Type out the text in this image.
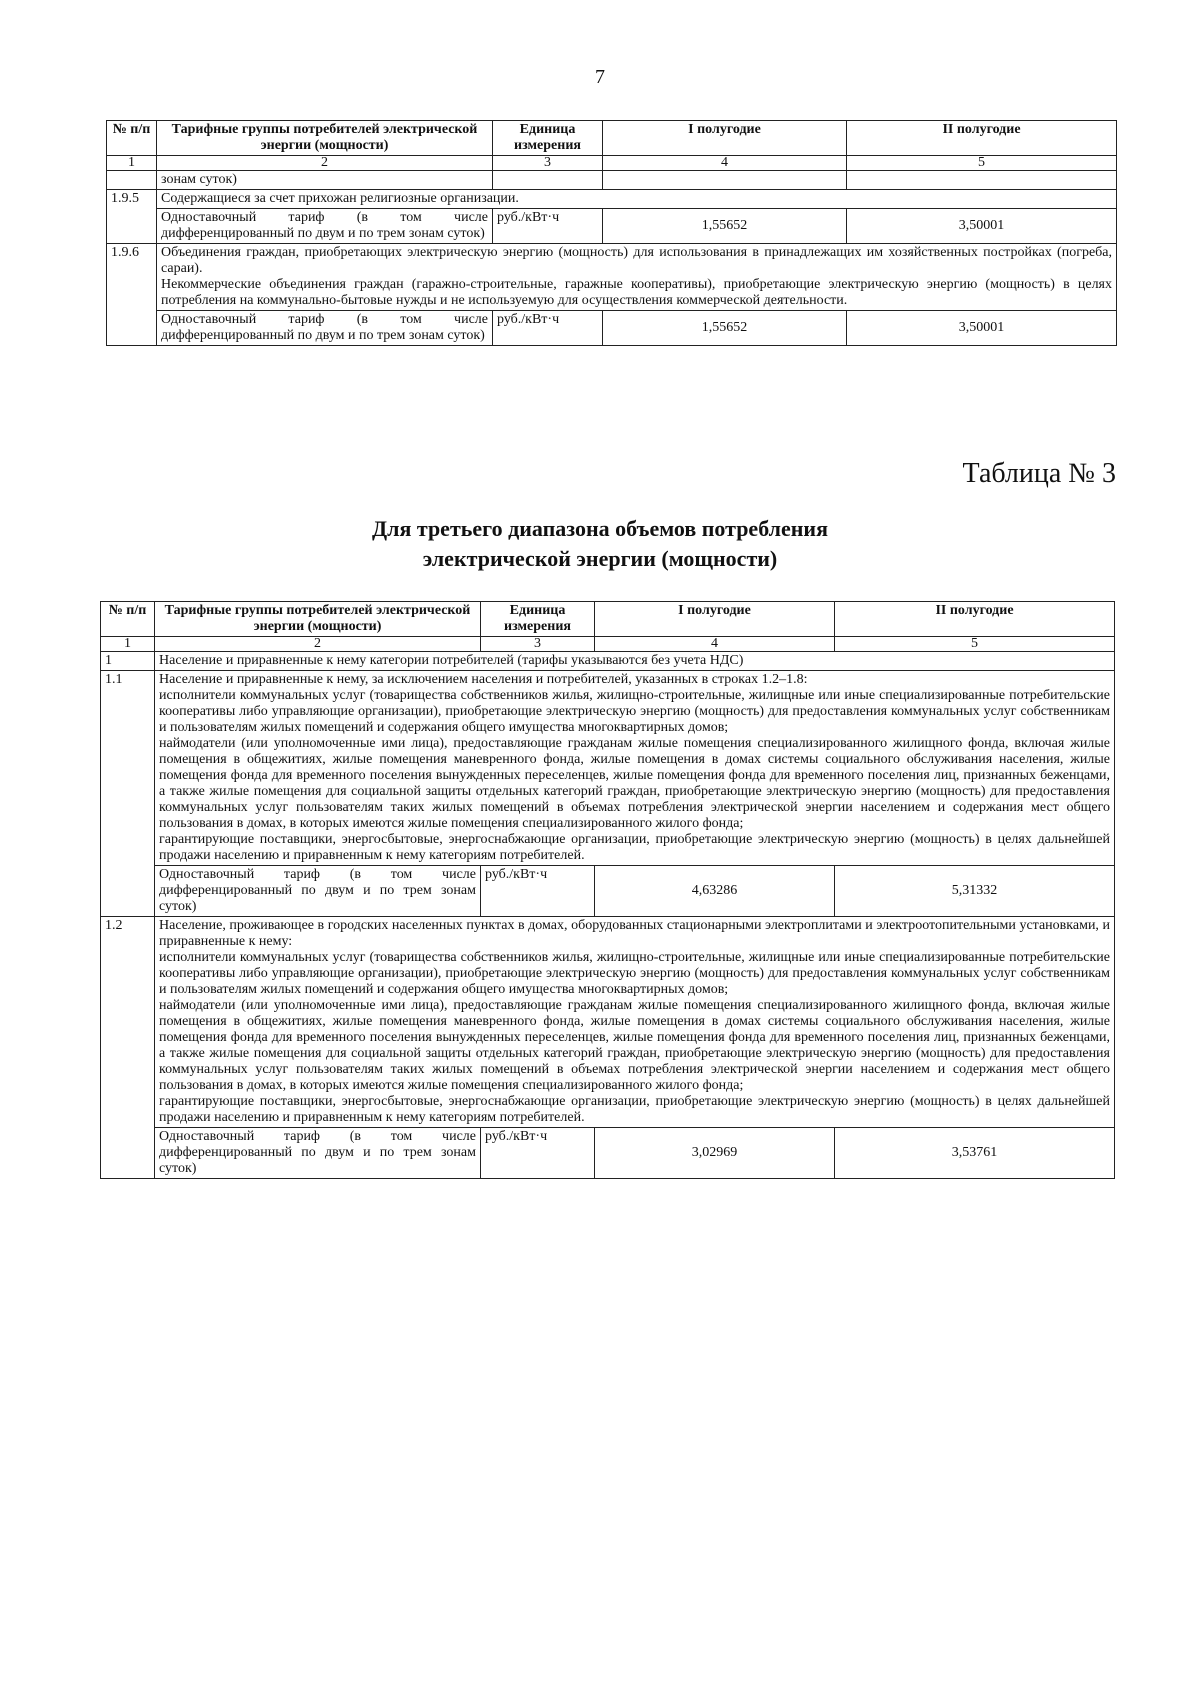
7
№ п/п	Тарифные группы потребителей электрической энергии (мощности)	Единица измерения	I полугодие	II полугодие
1	2	3	4	5
	зонам суток)			
1.9.5	Содержащиеся за счет прихожан религиозные организации.			
	Одноставочный тариф (в том числе дифференцированный по двум и по трем зонам суток)	руб./кВт·ч	1,55652	3,50001
1.9.6	Объединения граждан, приобретающих электрическую энергию (мощность) для использования в принадлежащих им хозяйственных постройках (погреба, сараи).
Некоммерческие объединения граждан (гаражно-строительные, гаражные кооперативы), приобретающие электрическую энергию (мощность) в целях потребления на коммунально-бытовые нужды и не используемую для осуществления коммерческой деятельности.			

	Одноставочный тариф (в том числе дифференцированный по двум и по трем зонам суток)	руб./кВт·ч	1,55652	3,50001
Таблица № 3
Для третьего диапазона объемов потребления
электрической энергии (мощности)
№ п/п	Тарифные группы потребителей электрической энергии (мощности)	Единица измерения	I полугодие	II полугодие
1	2	3	4	5
1	Население и приравненные к нему категории потребителей (тарифы указываются без учета НДС)			
1.1	Население и приравненные к нему, за исключением населения и потребителей, указанных в строках 1.2–1.8:
исполнители коммунальных услуг (товарищества собственников жилья, жилищно-строительные, жилищные или иные специализированные потребительские кооперативы либо управляющие организации), приобретающие электрическую энергию (мощность) для предоставления коммунальных услуг собственникам и пользователям жилых помещений и содержания общего имущества многоквартирных домов;
наймодатели (или уполномоченные ими лица), предоставляющие гражданам жилые помещения специализированного жилищного фонда, включая жилые помещения в общежитиях, жилые помещения маневренного фонда, жилые помещения в домах системы социального обслуживания населения, жилые помещения фонда для временного поселения вынужденных переселенцев, жилые помещения фонда для временного поселения лиц, признанных беженцами, а также жилые помещения для социальной защиты отдельных категорий граждан, приобретающие электрическую энергию (мощность) для предоставления коммунальных услуг пользователям таких жилых помещений в объемах потребления электрической энергии населением и содержания мест общего пользования в домах, в которых имеются жилые помещения специализированного жилого фонда;
гарантирующие поставщики, энергосбытовые, энергоснабжающие организации, приобретающие электрическую энергию (мощность) в целях дальнейшей продажи населению и приравненным к нему категориям потребителей.			

	Одноставочный тариф (в том числе дифференцированный по двум и по трем зонам суток)	руб./кВт·ч	4,63286	5,31332
1.2	Население, проживающее в городских населенных пунктах в домах, оборудованных стационарными электроплитами и электроотопительными установками, и приравненные к нему:
исполнители коммунальных услуг (товарищества собственников жилья, жилищно-строительные, жилищные или иные специализированные потребительские кооперативы либо управляющие организации), приобретающие электрическую энергию (мощность) для предоставления коммунальных услуг собственникам и пользователям жилых помещений и содержания общего имущества многоквартирных домов;
наймодатели (или уполномоченные ими лица), предоставляющие гражданам жилые помещения специализированного жилищного фонда, включая жилые помещения в общежитиях, жилые помещения маневренного фонда, жилые помещения в домах системы социального обслуживания населения, жилые помещения фонда для временного поселения вынужденных переселенцев, жилые помещения фонда для временного поселения лиц, признанных беженцами, а также жилые помещения для социальной защиты отдельных категорий граждан, приобретающие электрическую энергию (мощность) для предоставления коммунальных услуг пользователям таких жилых помещений в объемах потребления электрической энергии населением и содержания мест общего пользования в домах, в которых имеются жилые помещения специализированного жилого фонда;
гарантирующие поставщики, энергосбытовые, энергоснабжающие организации, приобретающие электрическую энергию (мощность) в целях дальнейшей продажи населению и приравненным к нему категориям потребителей.			

	Одноставочный тариф (в том числе дифференцированный по двум и по трем зонам суток)	руб./кВт·ч	3,02969	3,53761
